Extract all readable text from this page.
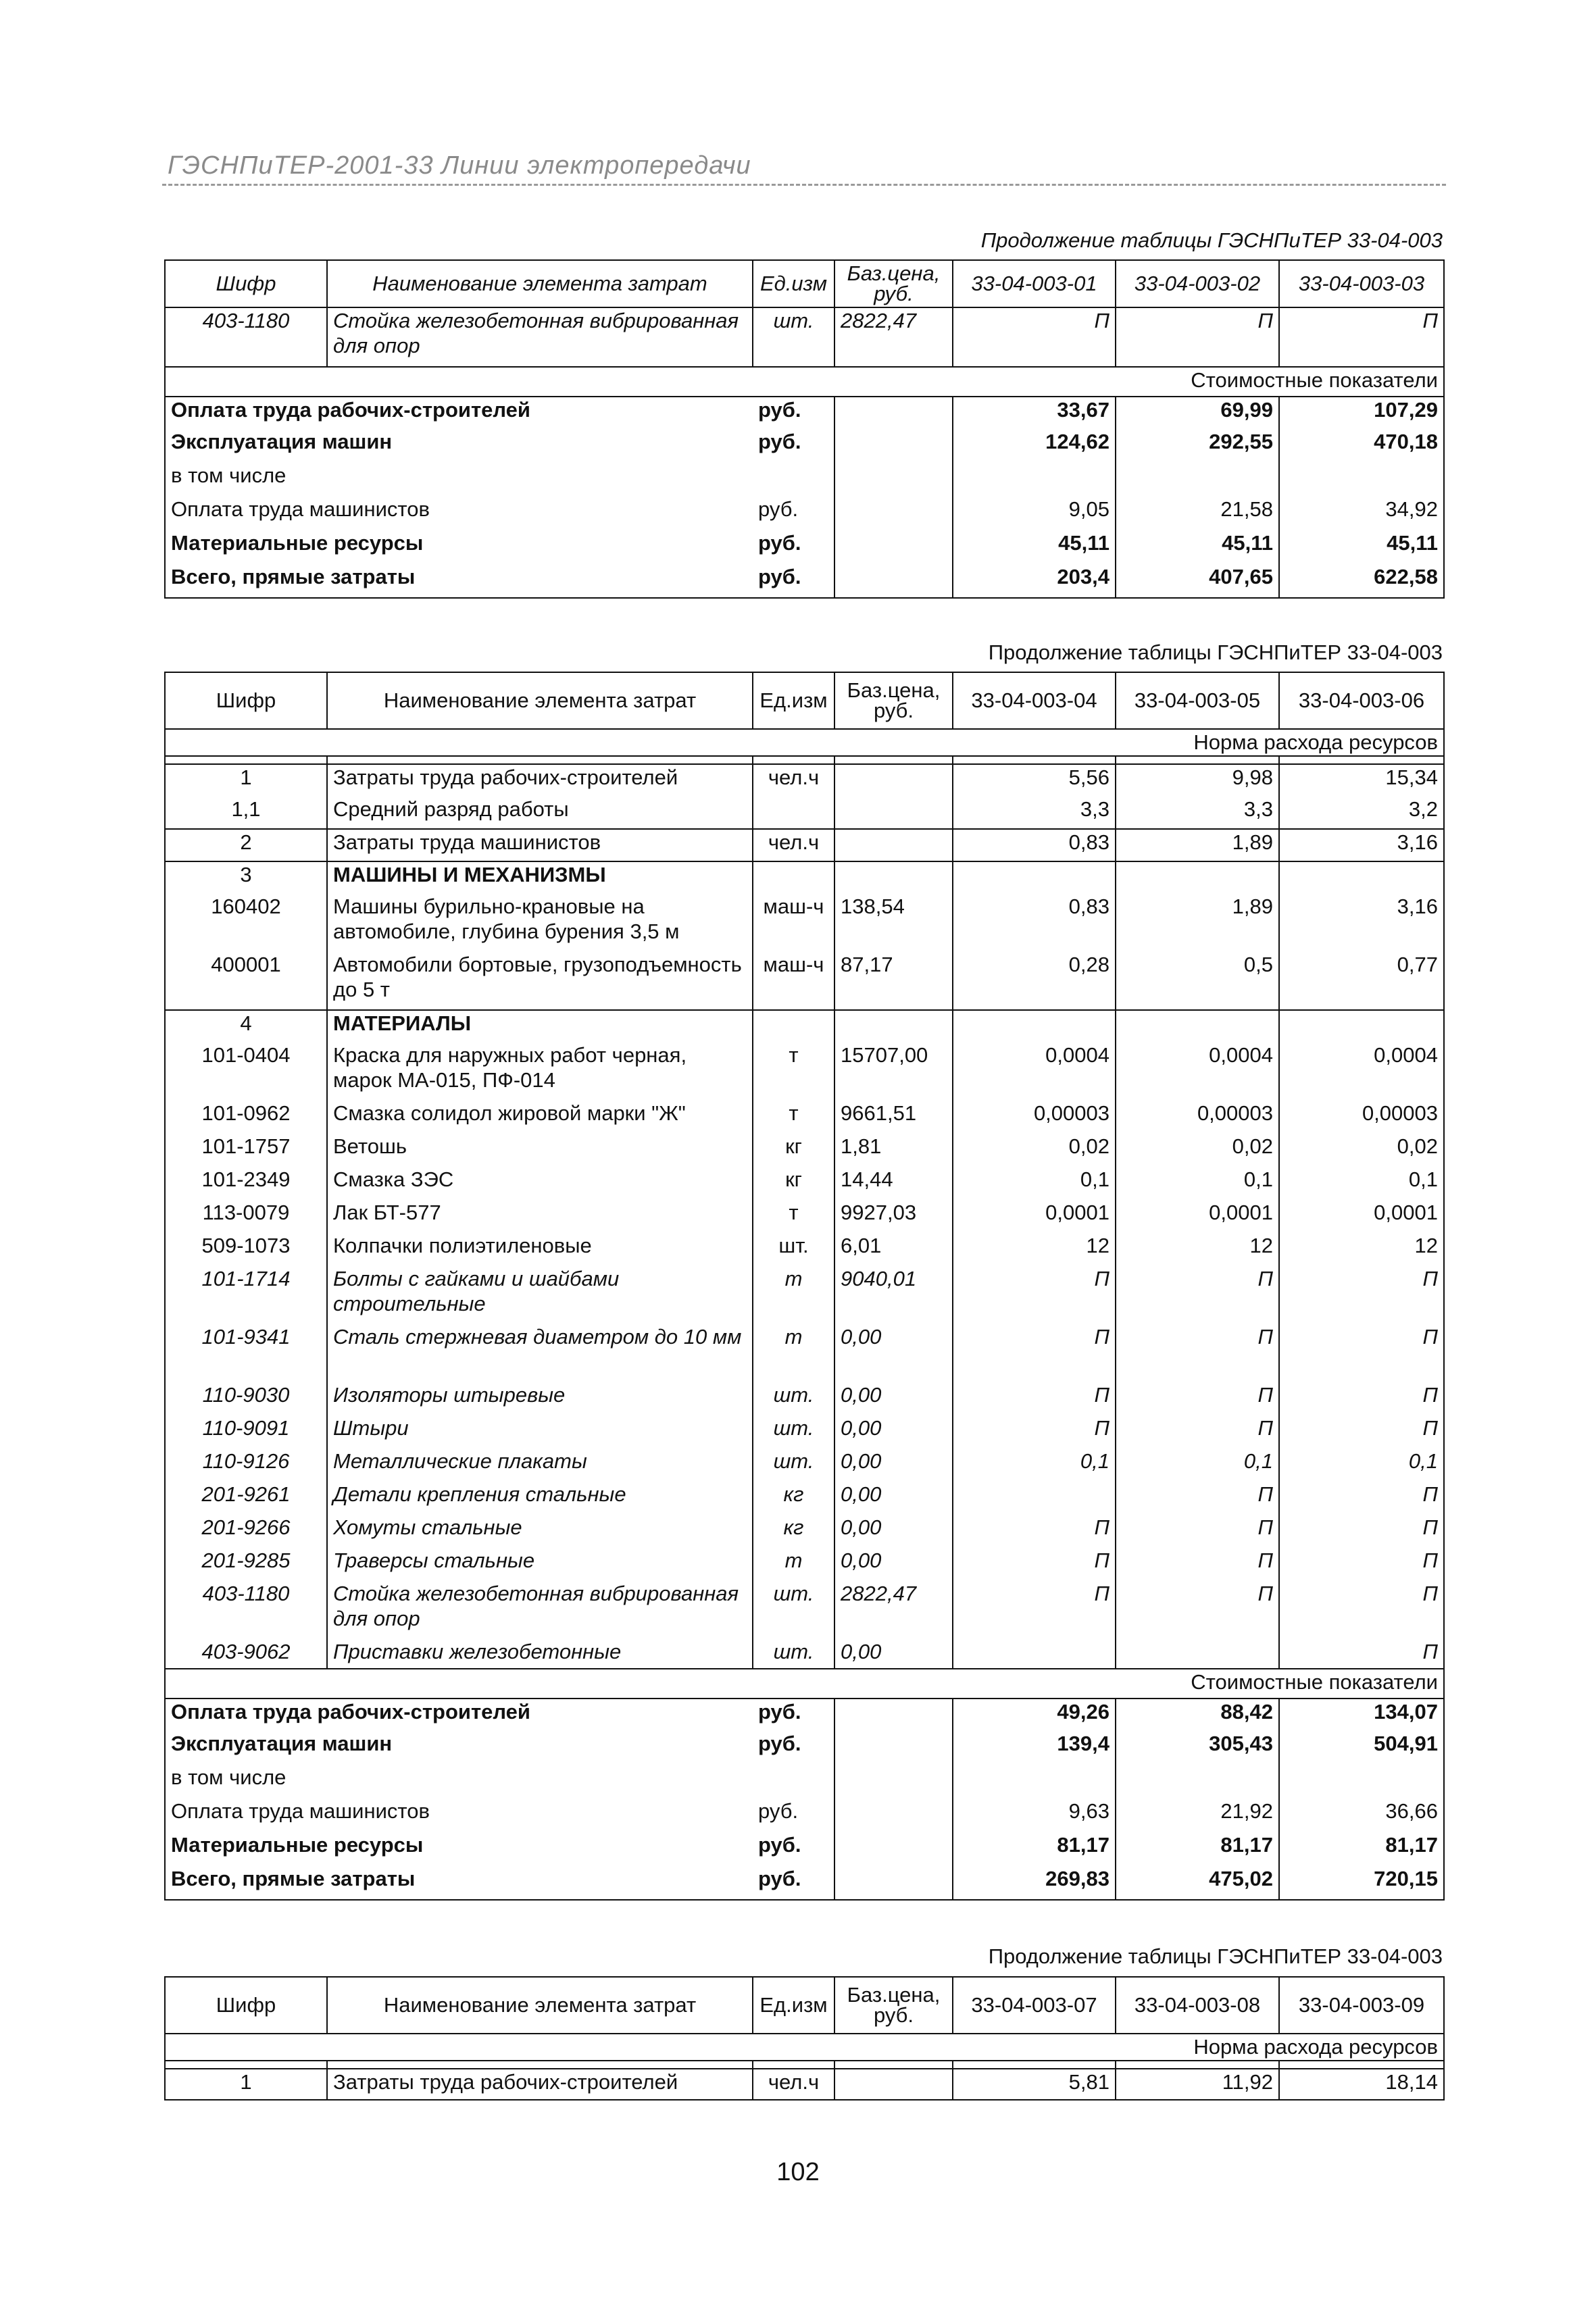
ГЭСНПиТЕР-2001-33 Линии электропередачи
Продолжение таблицы ГЭСНПиТЕР 33-04-003
Шифр	Наименование элемента затрат	Ед.изм	Баз.цена, руб.	33-04-003-01	33-04-003-02	33-04-003-03
403-1180	Стойка железобетонная вибрированная для опор	шт.	2822,47	П	П	П
Стоимостные показатели						
Оплата труда рабочих-строителей		руб.		33,67	69,99	107,29
Эксплуатация машин		руб.		124,62	292,55	470,18
в том числе						
Оплата труда машинистов		руб.		9,05	21,58	34,92
Материальные ресурсы		руб.		45,11	45,11	45,11
Всего, прямые затраты		руб.		203,4	407,65	622,58
Продолжение таблицы ГЭСНПиТЕР 33-04-003
Шифр	Наименование элемента затрат	Ед.изм	Баз.цена, руб.	33-04-003-04	33-04-003-05	33-04-003-06
Норма расхода ресурсов						

1	Затраты труда рабочих-строителей	чел.ч		5,56	9,98	15,34
1,1	Средний разряд работы			3,3	3,3	3,2
2	Затраты труда машинистов	чел.ч		0,83	1,89	3,16
3	МАШИНЫ И МЕХАНИЗМЫ					
160402	Машины бурильно-крановые на автомобиле, глубина бурения 3,5 м	маш-ч	138,54	0,83	1,89	3,16
400001	Автомобили бортовые, грузоподъемность до 5 т	маш-ч	87,17	0,28	0,5	0,77
4	МАТЕРИАЛЫ					
101-0404	Краска для наружных работ черная, марок МА-015, ПФ-014	т	15707,00	0,0004	0,0004	0,0004
101-0962	Смазка солидол жировой марки "Ж"	т	9661,51	0,00003	0,00003	0,00003
101-1757	Ветошь	кг	1,81	0,02	0,02	0,02
101-2349	Смазка ЗЭС	кг	14,44	0,1	0,1	0,1
113-0079	Лак БТ-577	т	9927,03	0,0001	0,0001	0,0001
509-1073	Колпачки полиэтиленовые	шт.	6,01	12	12	12
101-1714	Болты с гайками и шайбами строительные	т	9040,01	П	П	П
101-9341	Сталь стержневая диаметром до 10 мм	т	0,00	П	П	П
110-9030	Изоляторы штыревые	шт.	0,00	П	П	П
110-9091	Штыри	шт.	0,00	П	П	П
110-9126	Металлические плакаты	шт.	0,00	0,1	0,1	0,1
201-9261	Детали крепления стальные	кг	0,00		П	П
201-9266	Хомуты стальные	кг	0,00	П	П	П
201-9285	Траверсы стальные	т	0,00	П	П	П
403-1180	Стойка железобетонная вибрированная для опор	шт.	2822,47	П	П	П
403-9062	Приставки железобетонные	шт.	0,00			П
Стоимостные показатели						
Оплата труда рабочих-строителей		руб.		49,26	88,42	134,07
Эксплуатация машин		руб.		139,4	305,43	504,91
в том числе						
Оплата труда машинистов		руб.		9,63	21,92	36,66
Материальные ресурсы		руб.		81,17	81,17	81,17
Всего, прямые затраты		руб.		269,83	475,02	720,15
Продолжение таблицы ГЭСНПиТЕР 33-04-003
Шифр	Наименование элемента затрат	Ед.изм	Баз.цена, руб.	33-04-003-07	33-04-003-08	33-04-003-09
Норма расхода ресурсов						

1	Затраты труда рабочих-строителей	чел.ч		5,81	11,92	18,14
102
